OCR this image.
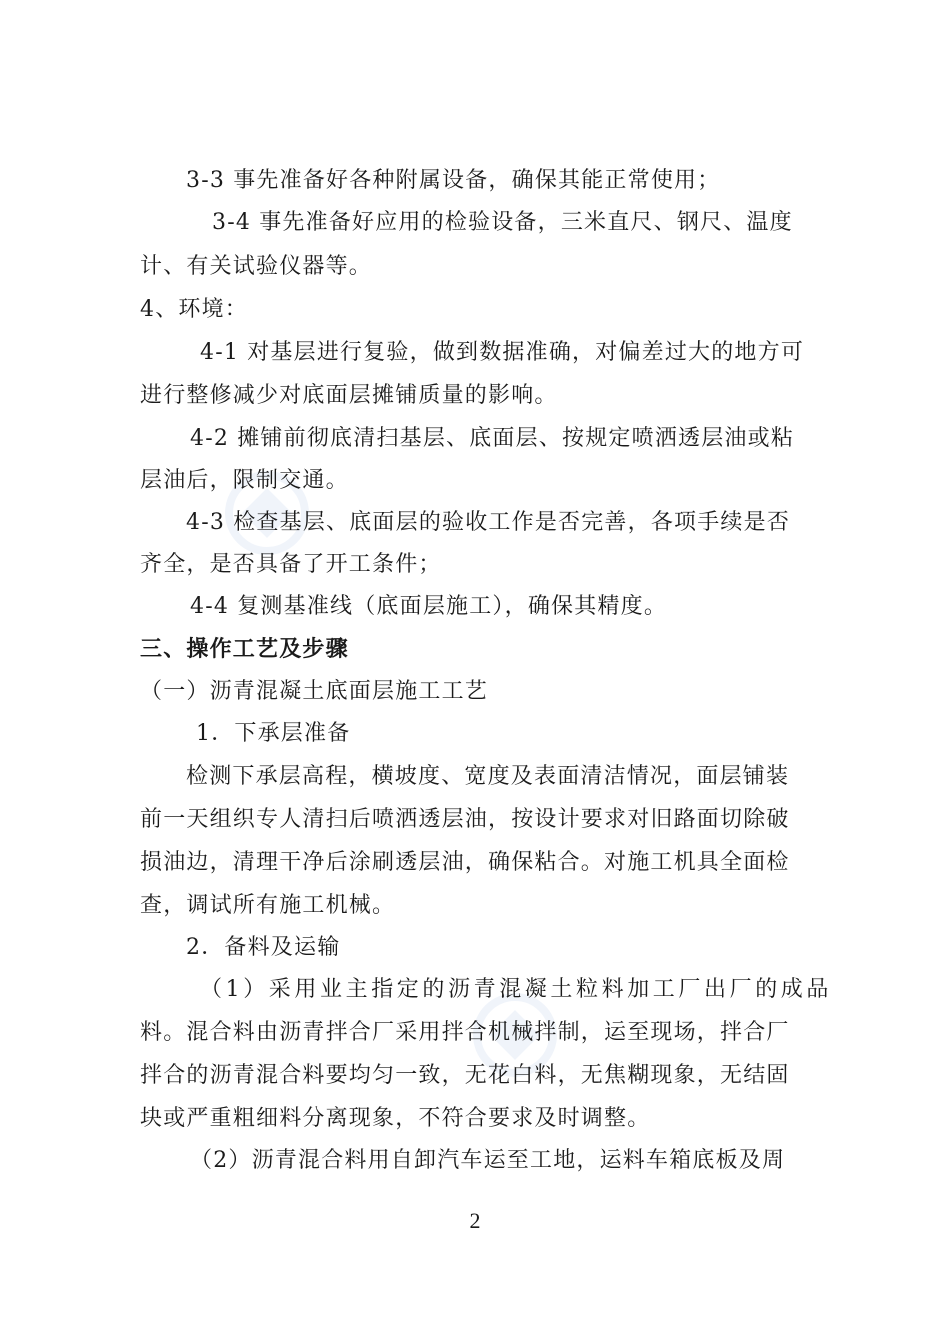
3-3 事先准备好各种附属设备，确保其能正常使用；
3-4 事先准备好应用的检验设备，三米直尺、钢尺、温度
计、有关试验仪器等。
4、环境：
4-1 对基层进行复验，做到数据准确，对偏差过大的地方可
进行整修减少对底面层摊铺质量的影响。
4-2 摊铺前彻底清扫基层、底面层、按规定喷洒透层油或粘
层油后，限制交通。
4-3 检查基层、底面层的验收工作是否完善，各项手续是否
齐全，是否具备了开工条件；
4-4 复测基准线（底面层施工），确保其精度。
三、操作工艺及步骤
（一）沥青混凝土底面层施工工艺
1．下承层准备
检测下承层高程，横坡度、宽度及表面清洁情况，面层铺装
前一天组织专人清扫后喷洒透层油，按设计要求对旧路面切除破
损油边，清理干净后涂刷透层油，确保粘合。对施工机具全面检
查，调试所有施工机械。
2．备料及运输
（1）采用业主指定的沥青混凝土粒料加工厂出厂的成品
料。混合料由沥青拌合厂采用拌合机械拌制，运至现场，拌合厂
拌合的沥青混合料要均匀一致，无花白料，无焦糊现象，无结固
块或严重粗细料分离现象，不符合要求及时调整。
（2）沥青混合料用自卸汽车运至工地，运料车箱底板及周
2
